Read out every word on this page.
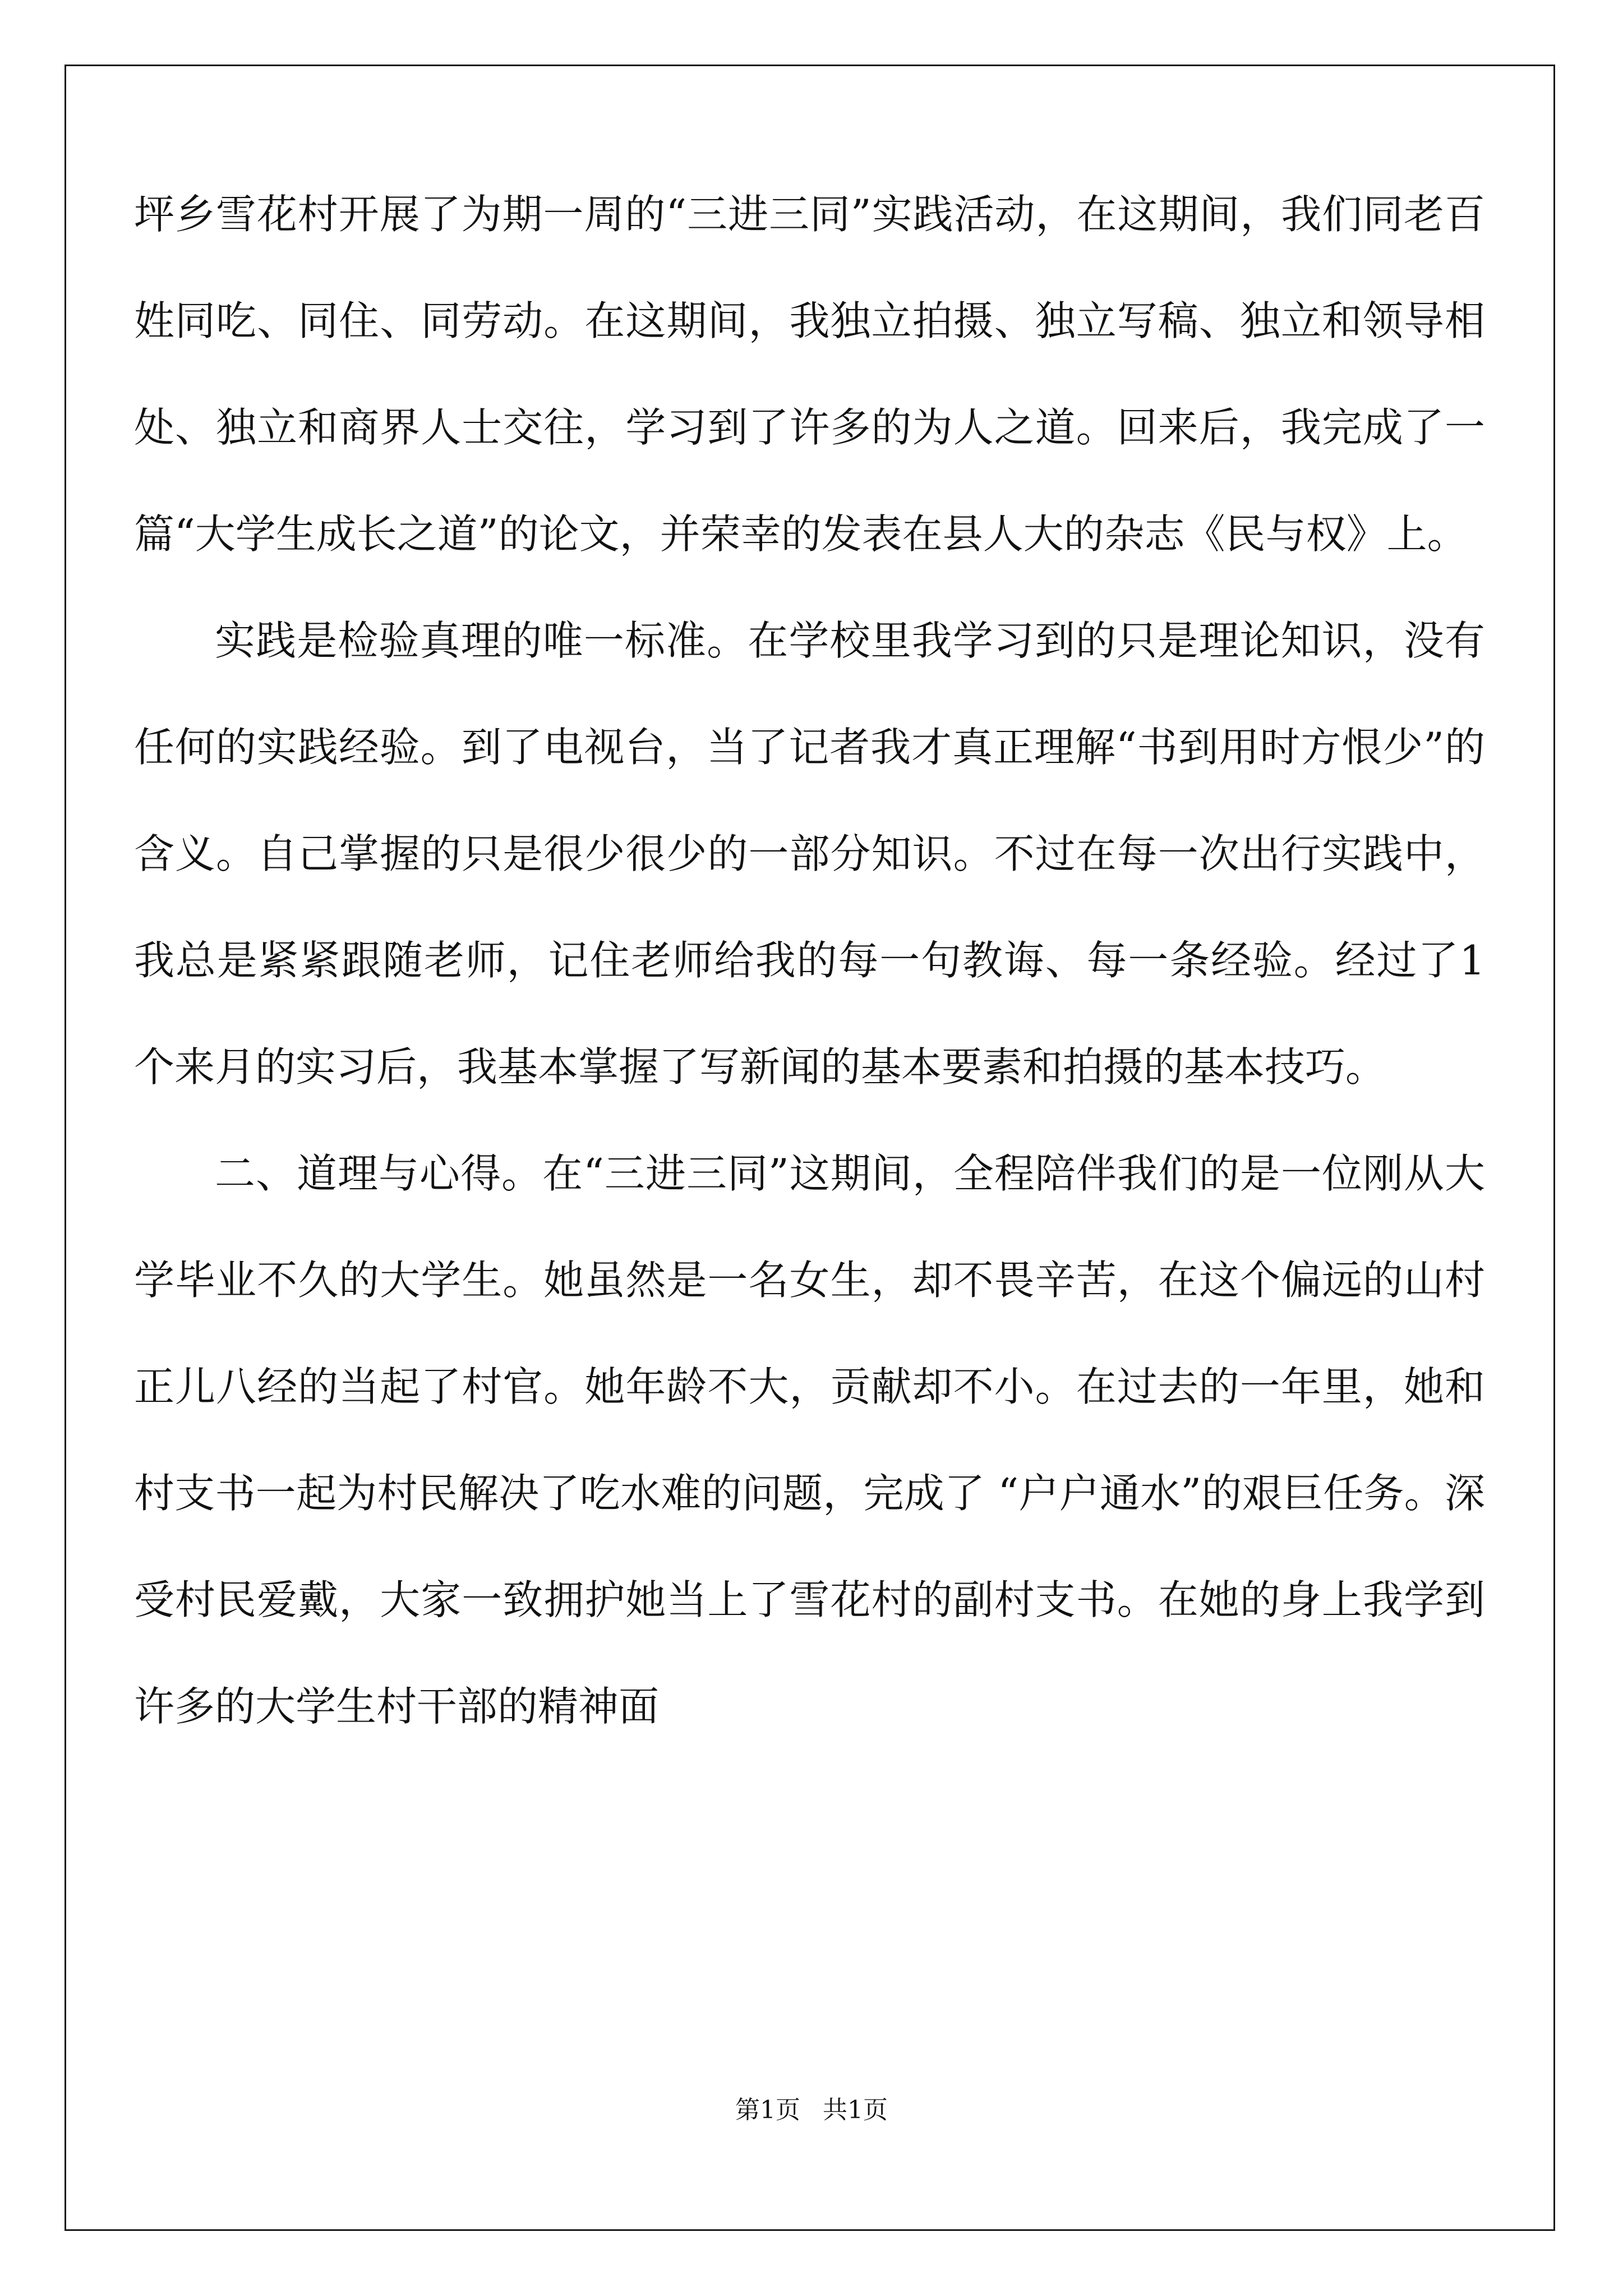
坪乡雪花村开展了为期一周的“三进三同”实践活动，在这期间，我们同老百姓同吃、同住、同劳动。在这期间，我独立拍摄、独立写稿、独立和领导相处、独立和商界人士交往，学习到了许多的为人之道。回来后，我完成了一篇“大学生成长之道”的论文，并荣幸的发表在县人大的杂志《民与权》上。

实践是检验真理的唯一标准。在学校里我学习到的只是理论知识，没有任何的实践经验。到了电视台，当了记者我才真正理解“书到用时方恨少”的含义。自己掌握的只是很少很少的一部分知识。不过在每一次出行实践中，我总是紧紧跟随老师，记住老师给我的每一句教诲、每一条经验。经过了1个来月的实习后，我基本掌握了写新闻的基本要素和拍摄的基本技巧。

二、道理与心得。在“三进三同”这期间，全程陪伴我们的是一位刚从大学毕业不久的大学生。她虽然是一名女生，却不畏辛苦，在这个偏远的山村正儿八经的当起了村官。她年龄不大，贡献却不小。在过去的一年里，她和村支书一起为村民解决了吃水难的问题，完成了 “户户通水”的艰巨任务。深受村民爱戴，大家一致拥护她当上了雪花村的副村支书。在她的身上我学到许多的大学生村干部的精神面

第1页 共1页
